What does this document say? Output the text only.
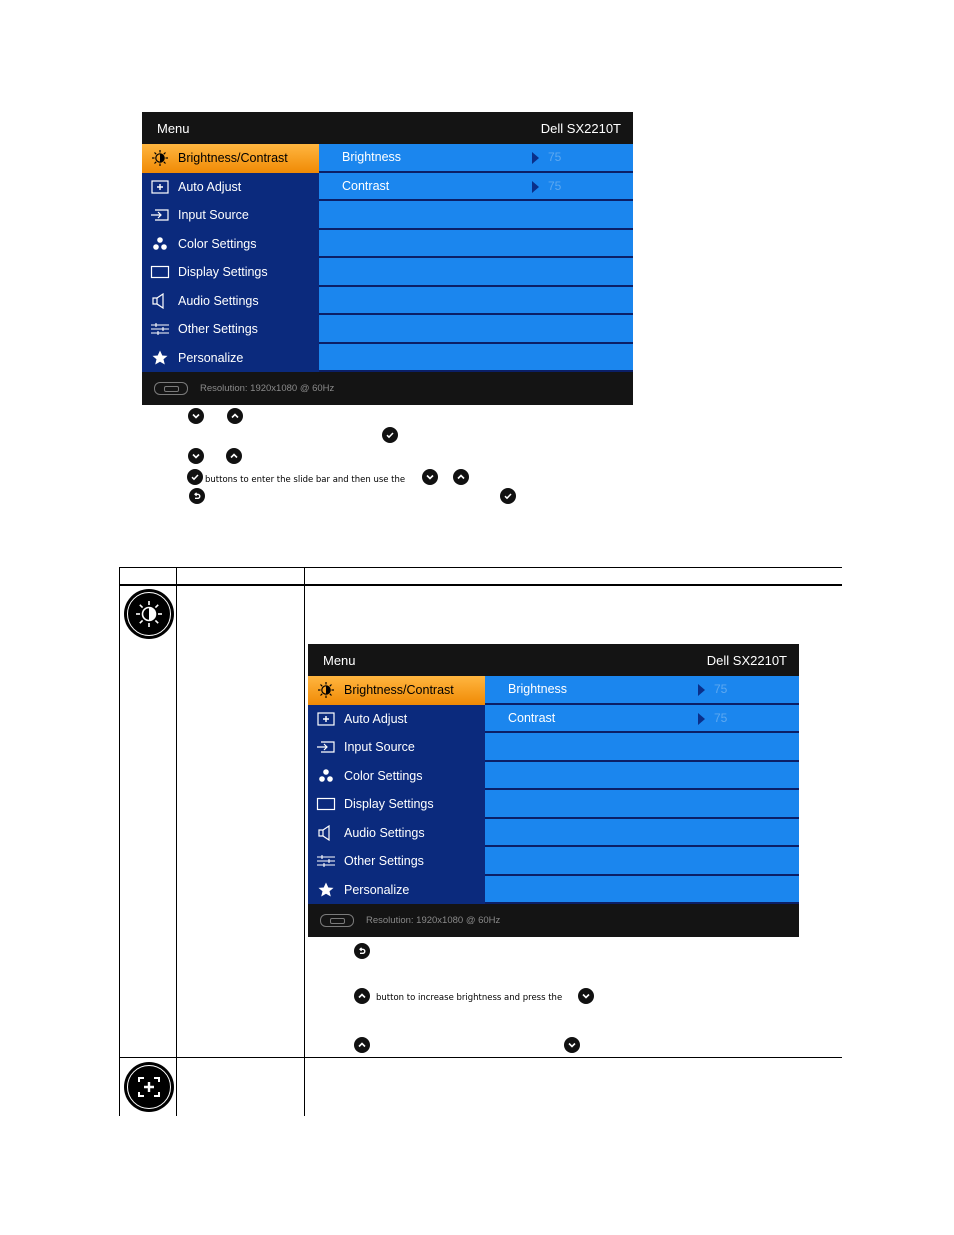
Menu	Dell SX2210T
Brightness/Contrast
Auto Adjust
Input Source
Color Settings
Display Settings
Audio Settings
Other Settings
Personalize
Brightness	75
Contrast	75
Resolution: 1920x1080 @ 60Hz
buttons to enter the slide bar and then use the
Menu	Dell SX2210T
Brightness/Contrast
Auto Adjust
Input Source
Color Settings
Display Settings
Audio Settings
Other Settings
Personalize
Brightness	75
Contrast	75
Resolution: 1920x1080 @ 60Hz
button to increase brightness and press the
